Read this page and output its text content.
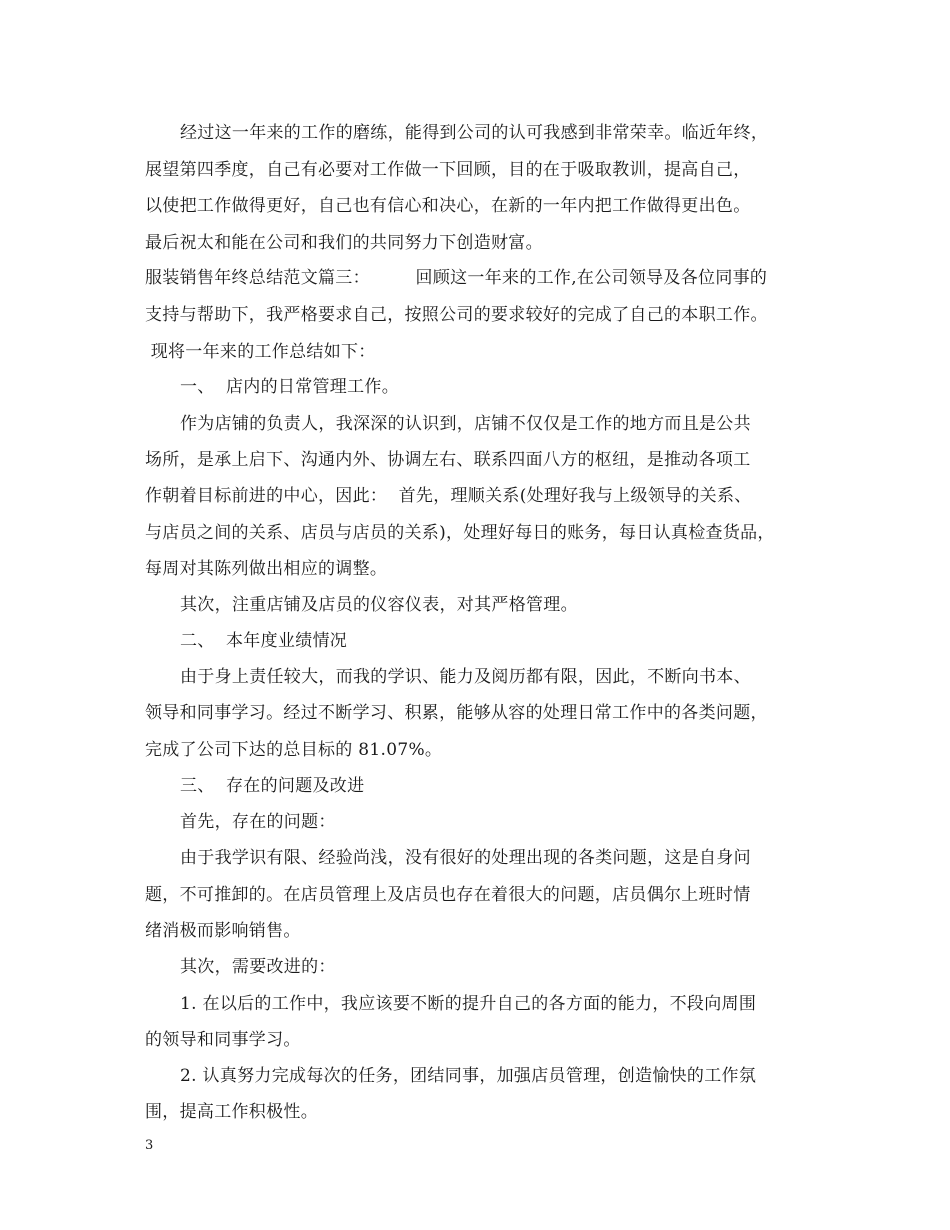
经过这一年来的工作的磨练，能得到公司的认可我感到非常荣幸。临近年终，
展望第四季度，自己有必要对工作做一下回顾，目的在于吸取教训，提高自己，
以使把工作做得更好，自己也有信心和决心，在新的一年内把工作做得更出色。
最后祝太和能在公司和我们的共同努力下创造财富。
服装销售年终总结范文篇三：        回顾这一年来的工作,在公司领导及各位同事的
支持与帮助下，我严格要求自己，按照公司的要求较好的完成了自己的本职工作。
现将一年来的工作总结如下：
一、  店内的日常管理工作。
作为店铺的负责人，我深深的认识到，店铺不仅仅是工作的地方而且是公共
场所，是承上启下、沟通内外、协调左右、联系四面八方的枢纽，是推动各项工
作朝着目标前进的中心，因此：  首先，理顺关系(处理好我与上级领导的关系、
与店员之间的关系、店员与店员的关系)，处理好每日的账务，每日认真检查货品，
每周对其陈列做出相应的调整。
其次，注重店铺及店员的仪容仪表，对其严格管理。
二、  本年度业绩情况
由于身上责任较大，而我的学识、能力及阅历都有限，因此，不断向书本、
领导和同事学习。经过不断学习、积累，能够从容的处理日常工作中的各类问题，
完成了公司下达的总目标的 81.07%。
三、  存在的问题及改进
首先，存在的问题：
由于我学识有限、经验尚浅，没有很好的处理出现的各类问题，这是自身问
题，不可推卸的。在店员管理上及店员也存在着很大的问题，店员偶尔上班时情
绪消极而影响销售。
其次，需要改进的：
1. 在以后的工作中，我应该要不断的提升自己的各方面的能力，不段向周围
的领导和同事学习。
2. 认真努力完成每次的任务，团结同事，加强店员管理，创造愉快的工作氛
围，提高工作积极性。
3
